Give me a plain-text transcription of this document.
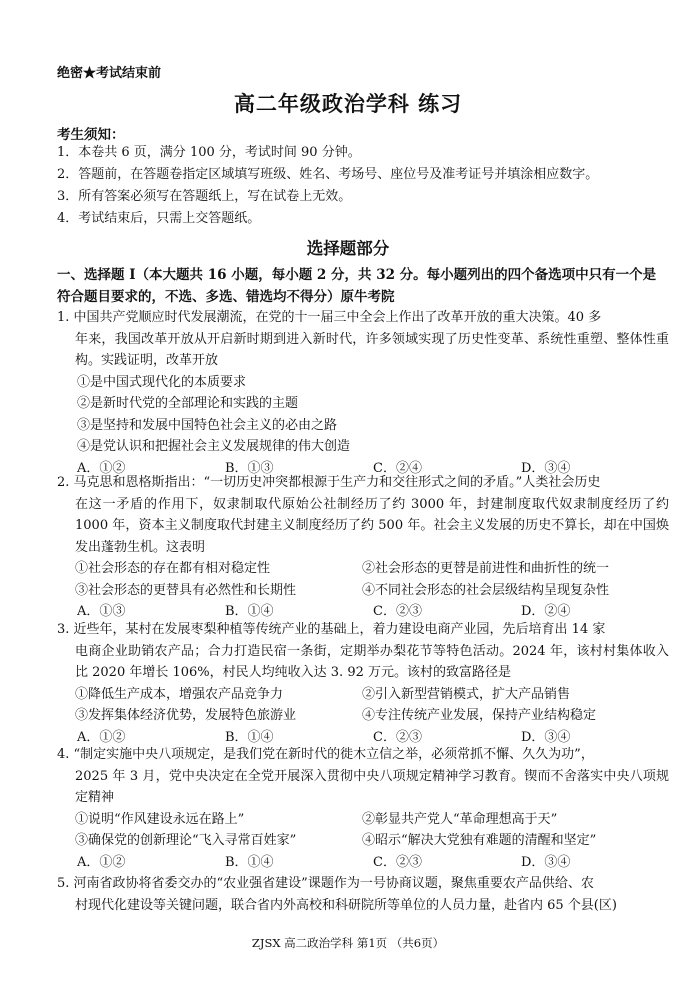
绝密★考试结束前
高二年级政治学科 练习
考生须知：
1．本卷共 6 页，满分 100 分，考试时间 90 分钟。
2．答题前，在答题卷指定区域填写班级、姓名、考场号、座位号及准考证号并填涂相应数字。
3．所有答案必须写在答题纸上，写在试卷上无效。
4．考试结束后，只需上交答题纸。
选择题部分
一、选择题 I（本大题共 16 小题，每小题 2 分，共 32 分。每小题列出的四个备选项中只有一个是符合题目要求的，不选、多选、错选均不得分）原牛考院
1. 中国共产党顺应时代发展潮流，在党的十一届三中全会上作出了改革开放的重大决策。40 多
年来，我国改革开放从开启新时期到进入新时代，许多领域实现了历史性变革、系统性重塑、整体性重构。实践证明，改革开放
①是中国式现代化的本质要求
②是新时代党的全部理论和实践的主题
③是坚持和发展中国特色社会主义的必由之路
④是党认识和把握社会主义发展规律的伟大创造
A．①②	B．①③	C．②④	D．③④
2. 马克思和恩格斯指出：“一切历史冲突都根源于生产力和交往形式之间的矛盾。”人类社会历史
在这一矛盾的作用下，奴隶制取代原始公社制经历了约 3000 年，封建制度取代奴隶制度经历了约 1000 年，资本主义制度取代封建主义制度经历了约 500 年。社会主义发展的历史不算长，却在中国焕发出蓬勃生机。这表明
①社会形态的存在都有相对稳定性	②社会形态的更替是前进性和曲折性的统一
③社会形态的更替具有必然性和长期性	④不同社会形态的社会层级结构呈现复杂性
A．①③	B．①④	C．②③	D．②④
3. 近些年，某村在发展枣梨种植等传统产业的基础上，着力建设电商产业园，先后培育出 14 家
电商企业助销农产品；合力打造民宿一条街，定期举办梨花节等特色活动。2024 年，该村村集体收入比 2020 年增长 106%，村民人均纯收入达 3. 92 万元。该村的致富路径是
①降低生产成本，增强农产品竞争力	②引入新型营销模式，扩大产品销售
③发挥集体经济优势，发展特色旅游业	④专注传统产业发展，保持产业结构稳定
A．①②	B．①④	C．②③	D．③④
4. “制定实施中央八项规定，是我们党在新时代的徙木立信之举，必须常抓不懈、久久为功”，
2025 年 3 月，党中央决定在全党开展深入贯彻中央八项规定精神学习教育。锲而不舍落实中央八项规定精神
①说明“作风建设永远在路上”	②彰显共产党人“革命理想高于天”
③确保党的创新理论“飞入寻常百姓家”	④昭示“解决大党独有难题的清醒和坚定”
A．①②	B．①④	C．②③	D．③④
5. 河南省政协将省委交办的“农业强省建设”课题作为一号协商议题，聚焦重要农产品供给、农
村现代化建设等关键问题，联合省内外高校和科研院所等单位的人员力量，赴省内 65 个县(区)
ZJSX 高二政治学科 第1页 （共6页）
